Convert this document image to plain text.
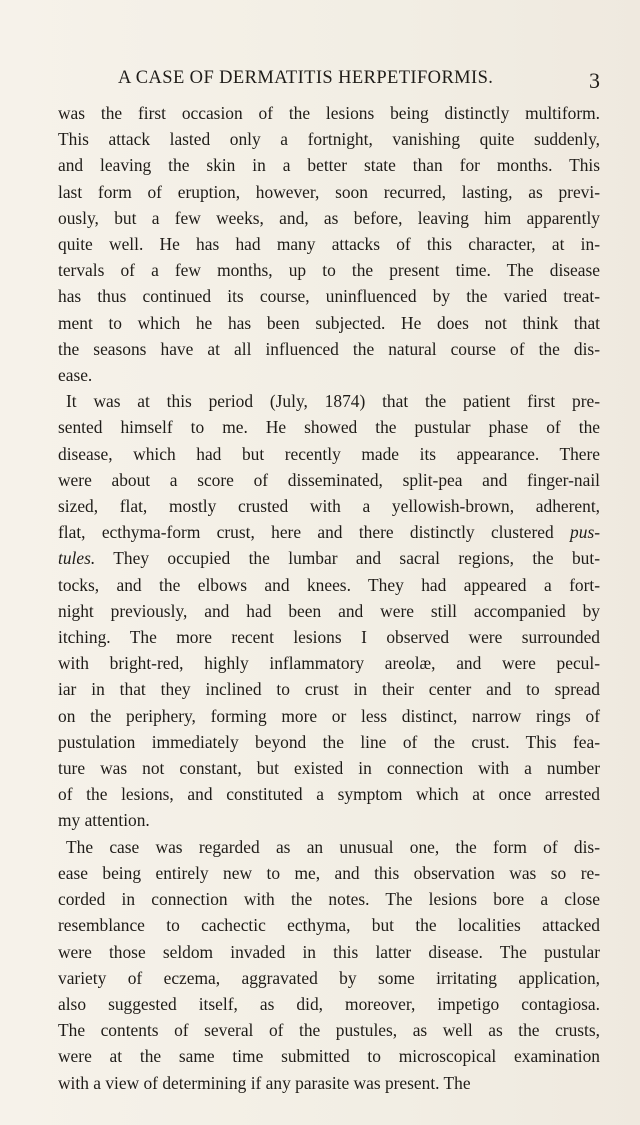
A CASE OF DERMATITIS HERPETIFORMIS.	3

was the first occasion of the lesions being distinctly multiform.
This attack lasted only a fortnight, vanishing quite suddenly,
and leaving the skin in a better state than for months. This
last form of eruption, however, soon recurred, lasting, as previ-
ously, but a few weeks, and, as before, leaving him apparently
quite well. He has had many attacks of this character, at in-
tervals of a few months, up to the present time. The disease
has thus continued its course, uninfluenced by the varied treat-
ment to which he has been subjected. He does not think that
the seasons have at all influenced the natural course of the dis-
ease.

It was at this period (July, 1874) that the patient first pre-
sented himself to me. He showed the pustular phase of the
disease, which had but recently made its appearance. There
were about a score of disseminated, split-pea and finger-nail
sized, flat, mostly crusted with a yellowish-brown, adherent,
flat, ecthyma-form crust, here and there distinctly clustered pus-
tules. They occupied the lumbar and sacral regions, the but-
tocks, and the elbows and knees. They had appeared a fort-
night previously, and had been and were still accompanied by
itching. The more recent lesions I observed were surrounded
with bright-red, highly inflammatory areolæ, and were pecul-
iar in that they inclined to crust in their center and to spread
on the periphery, forming more or less distinct, narrow rings of
pustulation immediately beyond the line of the crust. This fea-
ture was not constant, but existed in connection with a number
of the lesions, and constituted a symptom which at once arrested
my attention.

The case was regarded as an unusual one, the form of dis-
ease being entirely new to me, and this observation was so re-
corded in connection with the notes. The lesions bore a close
resemblance to cachectic ecthyma, but the localities attacked
were those seldom invaded in this latter disease. The pustular
variety of eczema, aggravated by some irritating application,
also suggested itself, as did, moreover, impetigo contagiosa.
The contents of several of the pustules, as well as the crusts,
were at the same time submitted to microscopical examination
with a view of determining if any parasite was present. The
